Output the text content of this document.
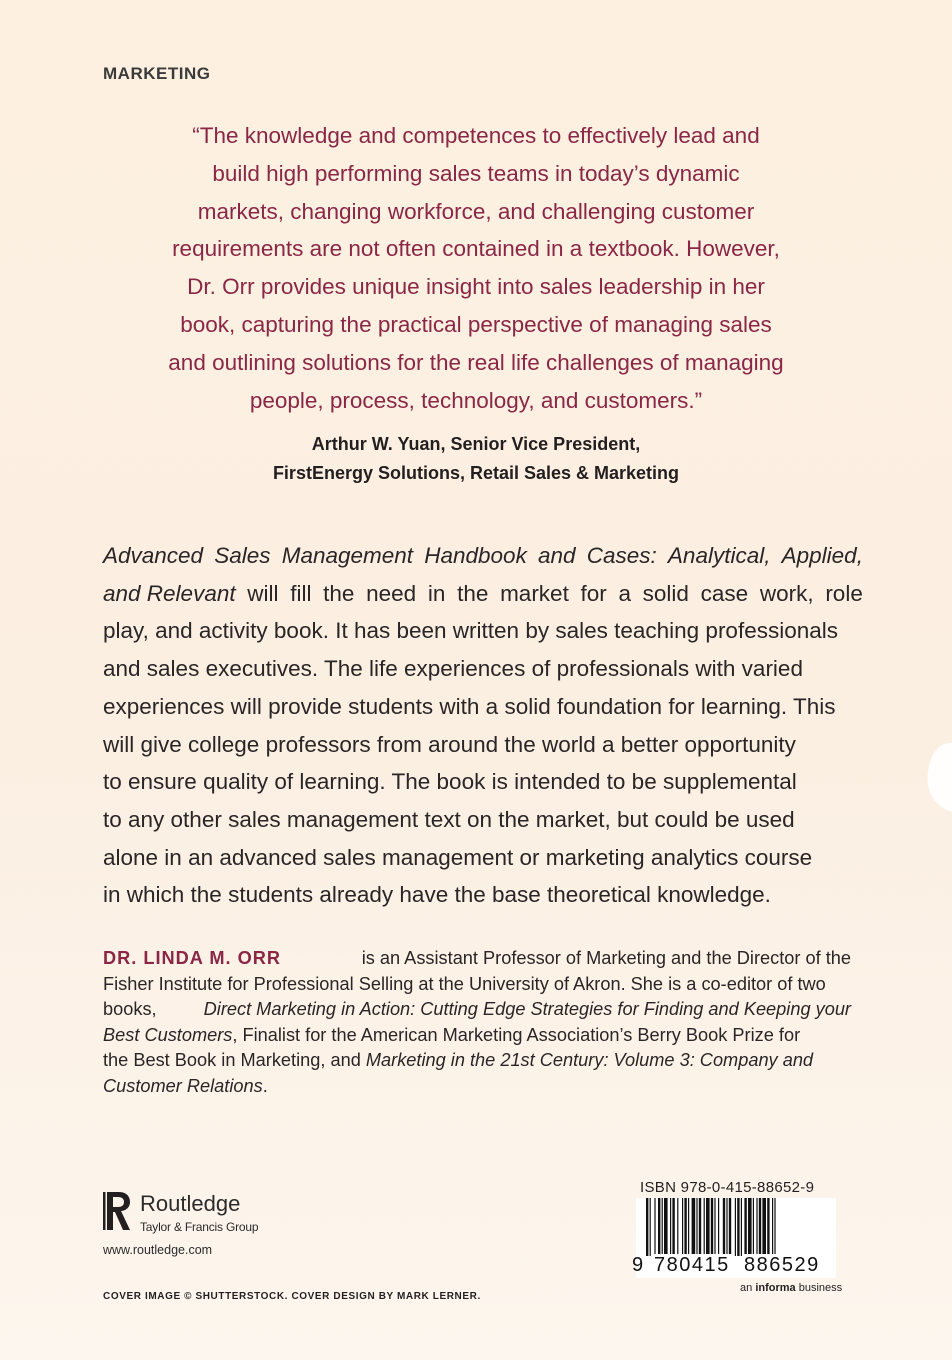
MARKETING
“The knowledge and competences to effectively lead and
build high performing sales teams in today’s dynamic
markets, changing workforce, and challenging customer
requirements are not often contained in a textbook. However,
Dr. Orr provides unique insight into sales leadership in her
book, capturing the practical perspective of managing sales
and outlining solutions for the real life challenges of managing
people, process, technology, and customers.”
Arthur W. Yuan, Senior Vice President,
FirstEnergy Solutions, Retail Sales & Marketing
Advanced Sales Management Handbook and Cases: Analytical, Applied,
and Relevant will fill the need in the market for a solid case work, role
play, and activity book. It has been written by sales teaching professionals
and sales executives. The life experiences of professionals with varied
experiences will provide students with a solid foundation for learning. This
will give college professors from around the world a better opportunity
to ensure quality of learning. The book is intended to be supplemental
to any other sales management text on the market, but could be used
alone in an advanced sales management or marketing analytics course
in which the students already have the base theoretical knowledge.
DR. LINDA M. ORR	is an Assistant Professor of Marketing and the Director of the
Fisher Institute for Professional Selling at the University of Akron. She is a co-editor of two
books,	Direct Marketing in Action: Cutting Edge Strategies for Finding and Keeping your
Best Customers, Finalist for the American Marketing Association’s Berry Book Prize for
the Best Book in Marketing, and Marketing in the 21st Century: Volume 3: Company and
Customer Relations.
Routledge
Taylor & Francis Group
www.routledge.com
ISBN 978-0-415-88652-9
9 780415 886529
an informa business
COVER IMAGE © SHUTTERSTOCK. COVER DESIGN BY MARK LERNER.
